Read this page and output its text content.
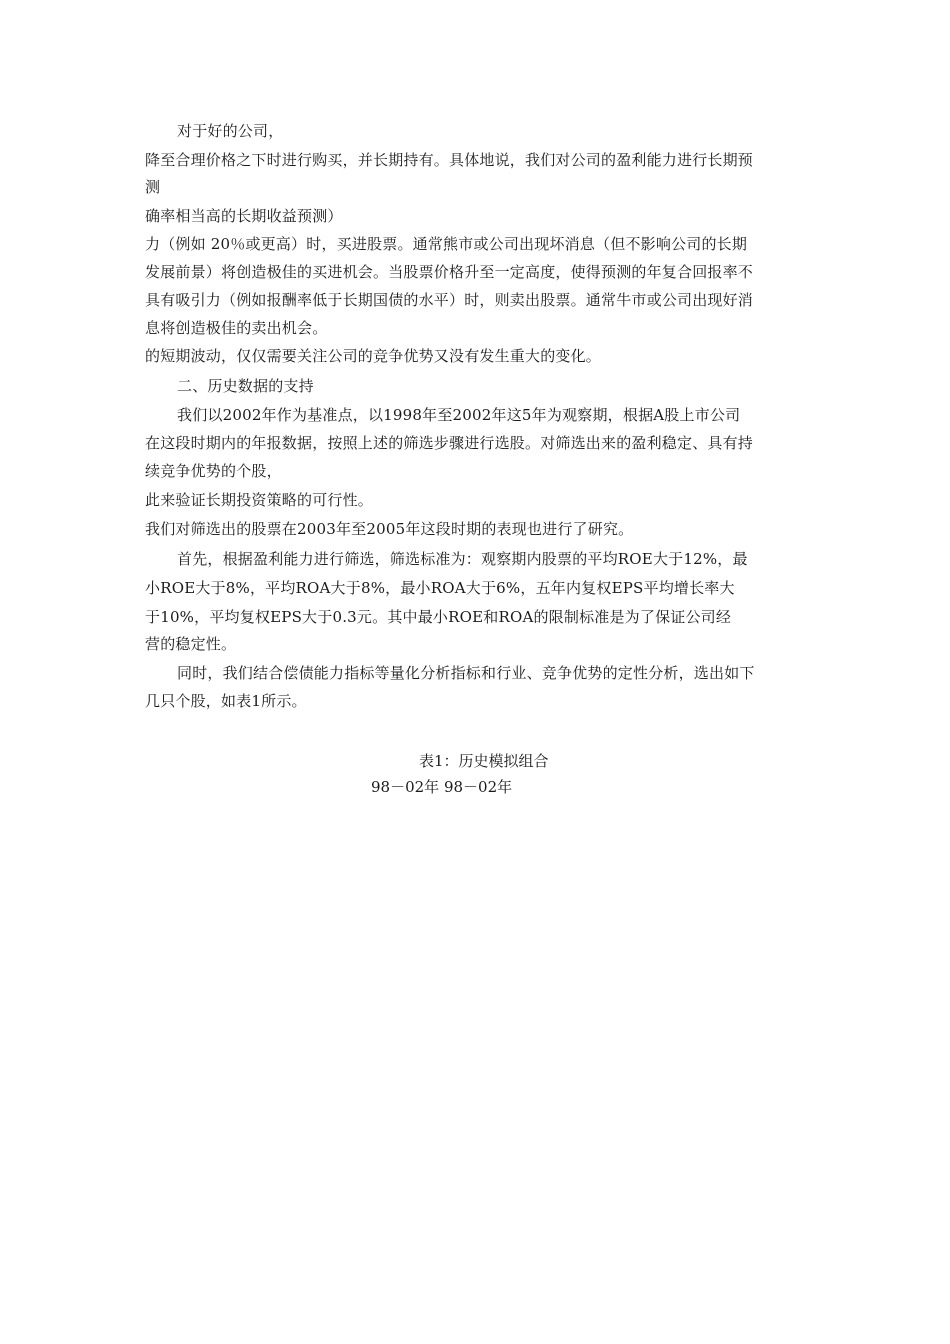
对于好的公司，
降至合理价格之下时进行购买，并长期持有。具体地说，我们对公司的盈利能力进行长期预
测
确率相当高的长期收益预测）
力（例如 20％或更高）时，买进股票。通常熊市或公司出现坏消息（但不影响公司的长期
发展前景）将创造极佳的买进机会。当股票价格升至一定高度，使得预测的年复合回报率不
具有吸引力（例如报酬率低于长期国债的水平）时，则卖出股票。通常牛市或公司出现好消
息将创造极佳的卖出机会。
的短期波动，仅仅需要关注公司的竞争优势又没有发生重大的变化。
二、历史数据的支持
我们以2002年作为基准点，以1998年至2002年这5年为观察期，根据A股上市公司
在这段时期内的年报数据，按照上述的筛选步骤进行选股。对筛选出来的盈利稳定、具有持
续竞争优势的个股，
此来验证长期投资策略的可行性。
我们对筛选出的股票在2003年至2005年这段时期的表现也进行了研究。
首先，根据盈利能力进行筛选，筛选标准为：观察期内股票的平均ROE大于12%，最
小ROE大于8%，平均ROA大于8%，最小ROA大于6%，五年内复权EPS平均增长率大
于10%，平均复权EPS大于0.3元。其中最小ROE和ROA的限制标准是为了保证公司经
营的稳定性。
同时，我们结合偿债能力指标等量化分析指标和行业、竞争优势的定性分析，选出如下
几只个股，如表1所示。
表1：历史模拟组合
98－02年 98－02年
